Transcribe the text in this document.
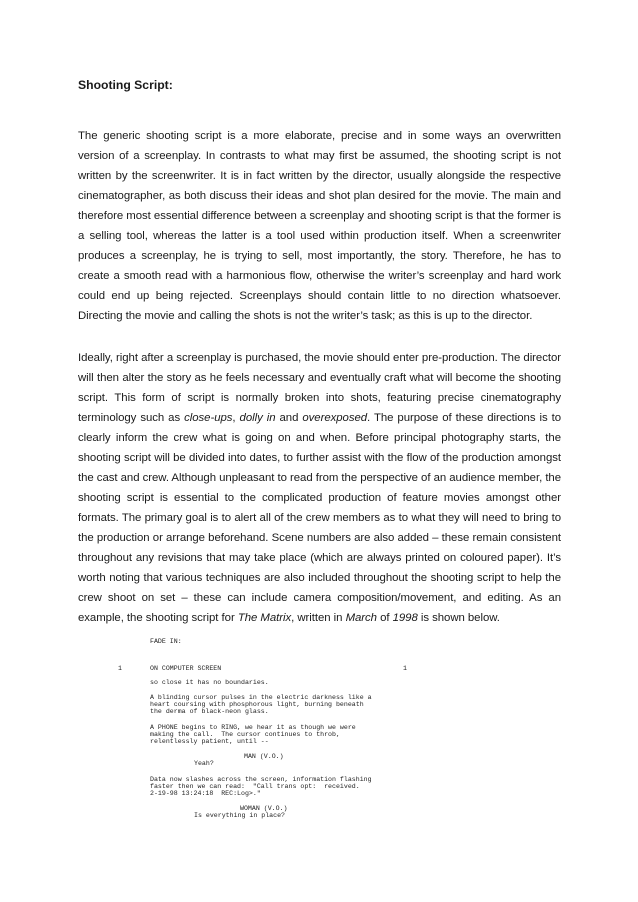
Shooting Script:

The generic shooting script is a more elaborate, precise and in some ways an overwritten version of a screenplay. In contrasts to what may first be assumed, the shooting script is not written by the screenwriter. It is in fact written by the director, usually alongside the respective cinematographer, as both discuss their ideas and shot plan desired for the movie. The main and therefore most essential difference between a screenplay and shooting script is that the former is a selling tool, whereas the latter is a tool used within production itself. When a screenwriter produces a screenplay, he is trying to sell, most importantly, the story. Therefore, he has to create a smooth read with a harmonious flow, otherwise the writer’s screenplay and hard work could end up being rejected. Screenplays should contain little to no direction whatsoever. Directing the movie and calling the shots is not the writer’s task; as this is up to the director.

Ideally, right after a screenplay is purchased, the movie should enter pre-production. The director will then alter the story as he feels necessary and eventually craft what will become the shooting script. This form of script is normally broken into shots, featuring precise cinematography terminology such as close-ups, dolly in and overexposed. The purpose of these directions is to clearly inform the crew what is going on and when. Before principal photography starts, the shooting script will be divided into dates, to further assist with the flow of the production amongst the cast and crew. Although unpleasant to read from the perspective of an audience member, the shooting script is essential to the complicated production of feature movies amongst other formats. The primary goal is to alert all of the crew members as to what they will need to bring to the production or arrange beforehand. Scene numbers are also added – these remain consistent throughout any revisions that may take place (which are always printed on coloured paper). It’s worth noting that various techniques are also included throughout the shooting script to help the crew shoot on set – these can include camera composition/movement, and editing. As an example, the shooting script for The Matrix, written in March of 1998 is shown below.

FADE IN:
1	ON COMPUTER SCREEN	1
so close it has no boundaries.
A blinding cursor pulses in the electric darkness like a
heart coursing with phosphorous light, burning beneath
the derma of black-neon glass.
A PHONE begins to RING, we hear it as though we were
making the call.  The cursor continues to throb,
relentlessly patient, until --
MAN (V.O.)
Yeah?
Data now slashes across the screen, information flashing
faster then we can read:  "Call trans opt:  received.
2-19-98 13:24:18  REC:Log>."
WOMAN (V.O.)
Is everything in place?
